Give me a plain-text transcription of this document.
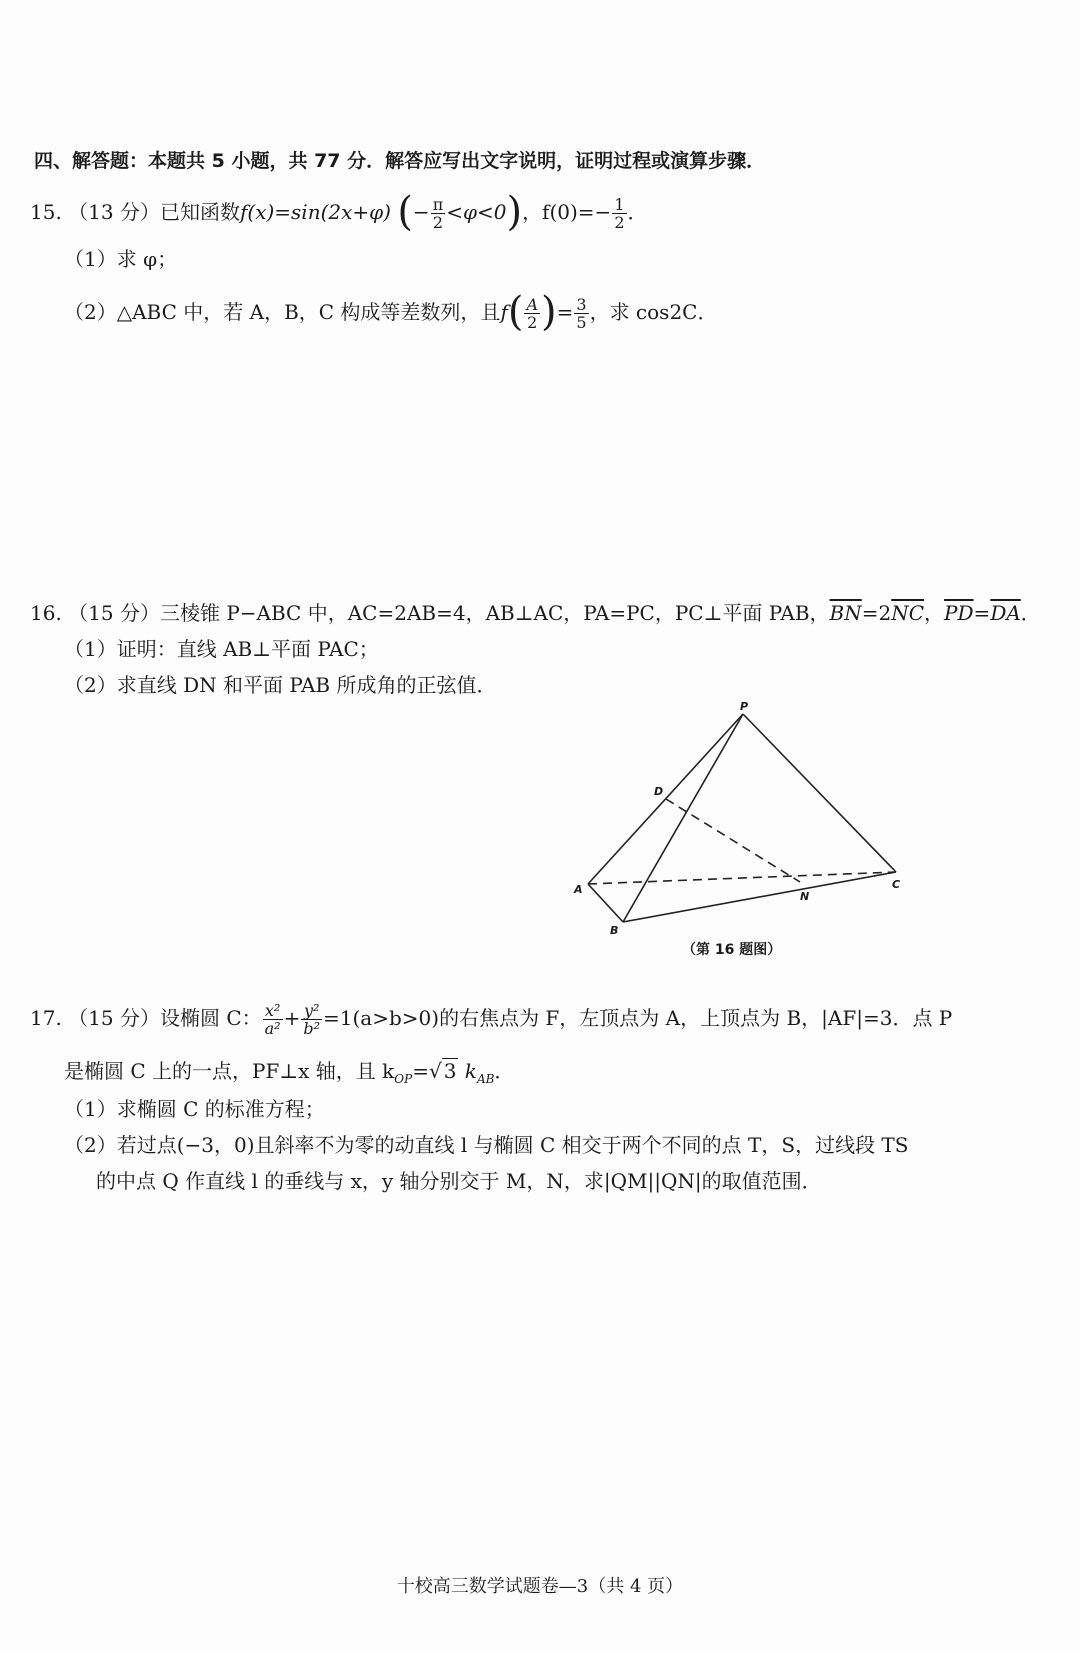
四、解答题：本题共 5 小题，共 77 分．解答应写出文字说明，证明过程或演算步骤．
15. （13 分）已知函数f(x)=sin(2x+φ) (− $\frac{\pi}{2} <\varphi<0$)，$f(0)=- \frac{1}{2}$ ．
（1）求 φ；
（2）△ABC 中，若 A，B，C 构成等差数列，且$f( \frac{A}{2}$ )= $\frac{3}{5}$ ，求 cos2C．
16. （15 分）三棱锥 P−ABC 中，AC=2AB=4，AB⊥AC，PA=PC，PC⊥平面 PAB，$\overline{BN}=2\overline{NC}$，$\overline{PD}=\overline{DA}$．
（1）证明：直线 AB⊥平面 PAC；
（2）求直线 DN 和平面 PAB 所成角的正弦值．
P
D
A
B
C
N
（第 16 题图）
17. （15 分）设椭圆 C： $\frac{\text{x²}}{\text{a²}} + \frac{\text{y²}}{\text{b²}} =1(a>b>0)$的右焦点为 F，左顶点为 A，上顶点为 B，|AF|=3．点 P
是椭圆 C 上的一点，PF⊥x 轴，且 $k_{OP}=√$ 3 $k_{AB}$．
（1）求椭圆 C 的标准方程；
（2）若过点(−3，0)且斜率不为零的动直线 l 与椭圆 C 相交于两个不同的点 T，S，过线段 TS
的中点 Q 作直线 l 的垂线与 x，y 轴分别交于 M，N，求|QM||QN|的取值范围．
十校高三数学试题卷—3（共 4 页）
